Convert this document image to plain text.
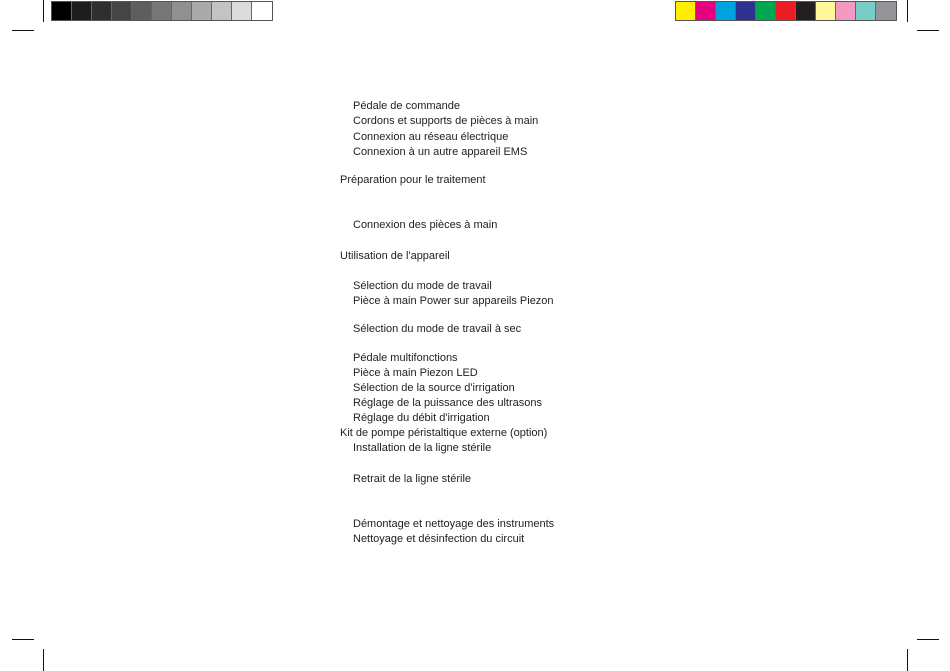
Pédale de commande
Cordons et supports de pièces à main
Connexion au réseau électrique
Connexion à un autre appareil EMS
Préparation pour le traitement
Connexion des pièces à main
Utilisation de l'appareil
Sélection du mode de travail
Pièce à main Power sur appareils Piezon
Sélection du mode de travail à sec
Pédale multifonctions
Pièce à main Piezon LED
Sélection de la source d'irrigation
Réglage de la puissance des ultrasons
Réglage du débit d'irrigation
Kit de pompe péristaltique externe (option)
Installation de la ligne stérile
Retrait de la ligne stérile
Démontage et nettoyage des instruments
Nettoyage et désinfection du circuit
